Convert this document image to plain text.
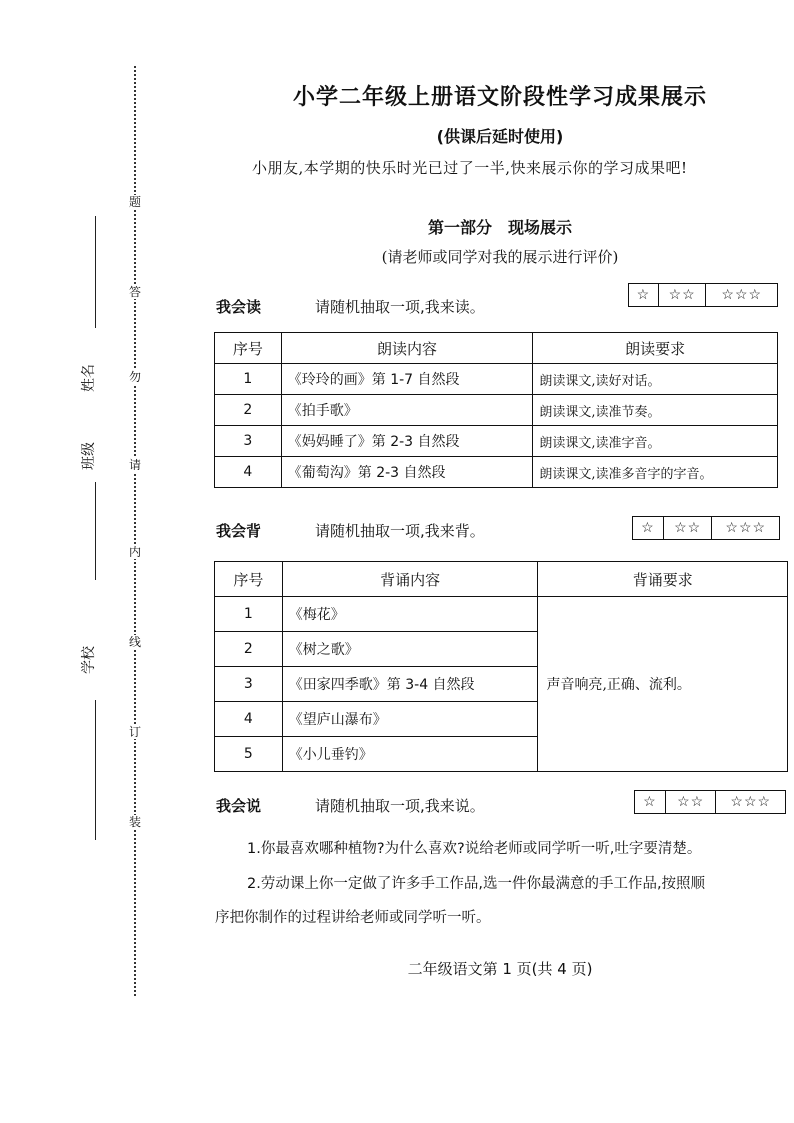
题
答
勿
请
内
线
订
装
姓名
班级
学校
小学二年级上册语文阶段性学习成果展示
(供课后延时使用)
小朋友,本学期的快乐时光已过了一半,快来展示你的学习成果吧!
第一部分　现场展示
(请老师或同学对我的展示进行评价)
我会读	请随机抽取一项,我来读。
☆	☆☆	☆☆☆
序号	朗读内容	朗读要求
1	《玲玲的画》第 1-7 自然段	朗读课文,读好对话。
2	《拍手歌》	朗读课文,读准节奏。
3	《妈妈睡了》第 2-3 自然段	朗读课文,读准字音。
4	《葡萄沟》第 2-3 自然段	朗读课文,读准多音字的字音。
我会背	请随机抽取一项,我来背。	☆	☆☆	☆☆☆
序号	背诵内容	背诵要求
1	《梅花》	声音响亮,正确、流利。
2	《树之歌》	
3	《田家四季歌》第 3-4 自然段	
4	《望庐山瀑布》	
5	《小儿垂钓》	
我会说	请随机抽取一项,我来说。	☆	☆☆	☆☆☆
1.你最喜欢哪种植物?为什么喜欢?说给老师或同学听一听,吐字要清楚。
2.劳动课上你一定做了许多手工作品,选一件你最满意的手工作品,按照顺
序把你制作的过程讲给老师或同学听一听。
二年级语文第 1 页(共 4 页)
